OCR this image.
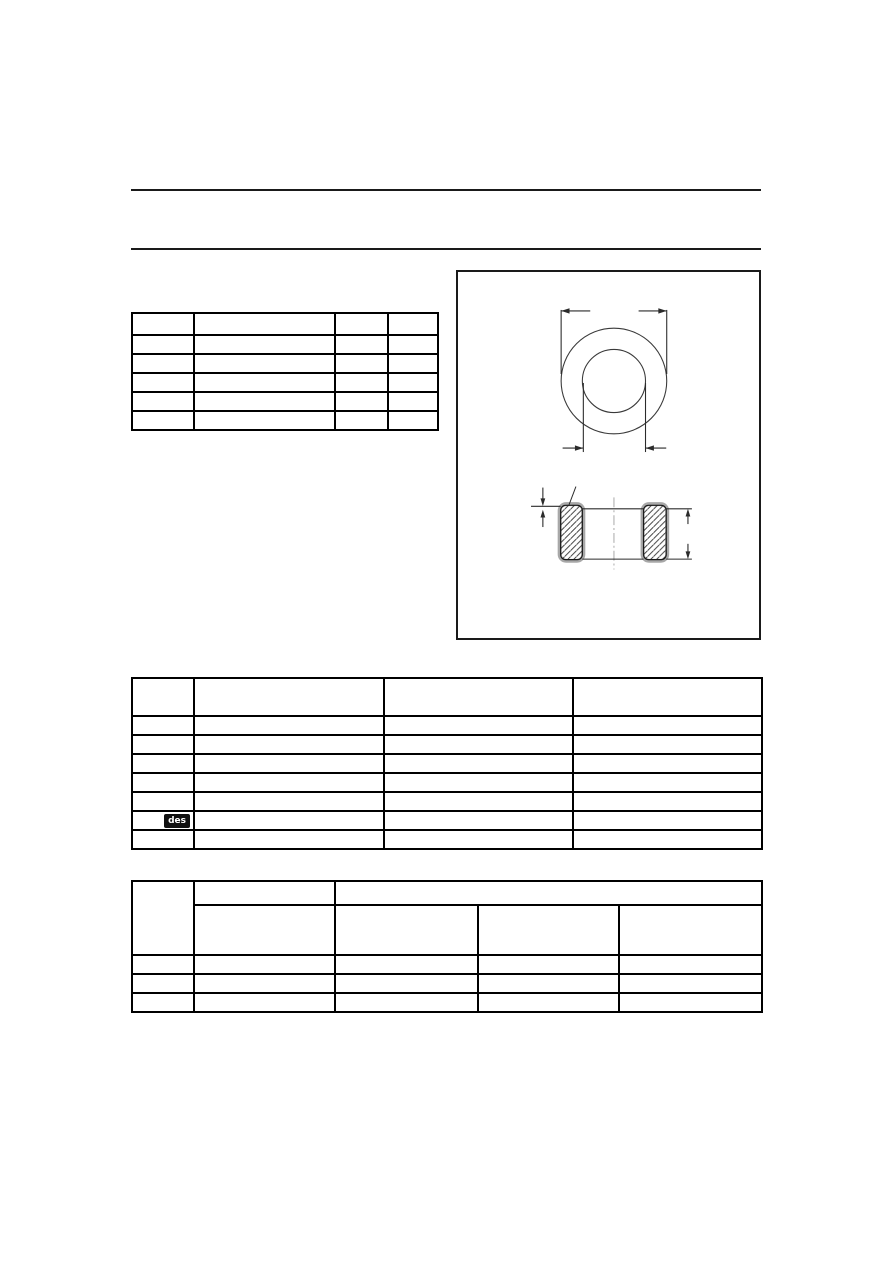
des			
